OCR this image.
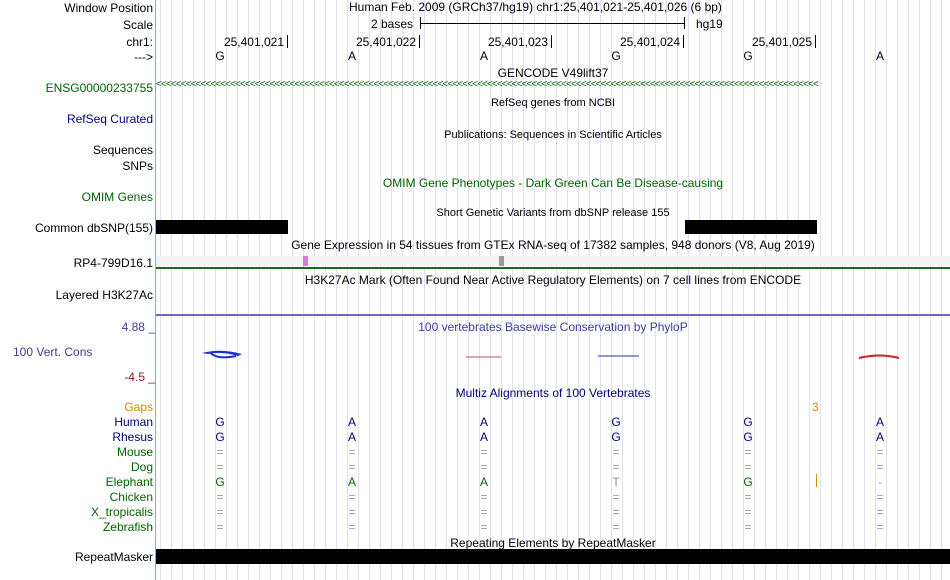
Window Position
Scale
chr1:
--->
Human Feb. 2009 (GRCh37/hg19) chr1:25,401,021-25,401,026 (6 bp)
2 bases	hg19
25,401,021	25,401,022	25,401,023	25,401,024	25,401,025
G	A	A	G	G	A
GENCODE V49lift37
ENSG00000233755 <<<<<<<<<<<<<<<<<<<<<<<<<<<<<<<<<<<<<<<<<<<<<<<<<<<<<<<<<<<<<<<<<<<<<<<<<<<<<<<<<<<<<<<<<<<<<<<<<<<<<<<<<<<<<<<<<<<<<<<<<<<<<<<<<<<<<<
RefSeq genes from NCBI
RefSeq Curated
Publications: Sequences in Scientific Articles
Sequences
SNPs
OMIM Gene Phenotypes - Dark Green Can Be Disease-causing
OMIM Genes
Short Genetic Variants from dbSNP release 155
Common dbSNP(155)
Gene Expression in 54 tissues from GTEx RNA-seq of 17382 samples, 948 donors (V8, Aug 2019)
RP4-799D16.1
H3K27Ac Mark (Often Found Near Active Regulatory Elements) on 7 cell lines from ENCODE
Layered H3K27Ac
100 vertebrates Basewise Conservation by PhyloP
4.88 _
100 Vert. Cons
-4.5 _
Multiz Alignments of 100 Vertebrates
Gaps	3
Human	G	A	A	G	G	A
Rhesus	G	A	A	G	G	A
Mouse	=	=	=	=	=	=
Dog	=	=	=	=	=	=
Elephant	G	A	A	T	G	-
Chicken	=	=	=	=	=	=
X_tropicalis	=	=	=	=	=	=
Zebrafish	=	=	=	=	=	=
Repeating Elements by RepeatMasker
RepeatMasker
